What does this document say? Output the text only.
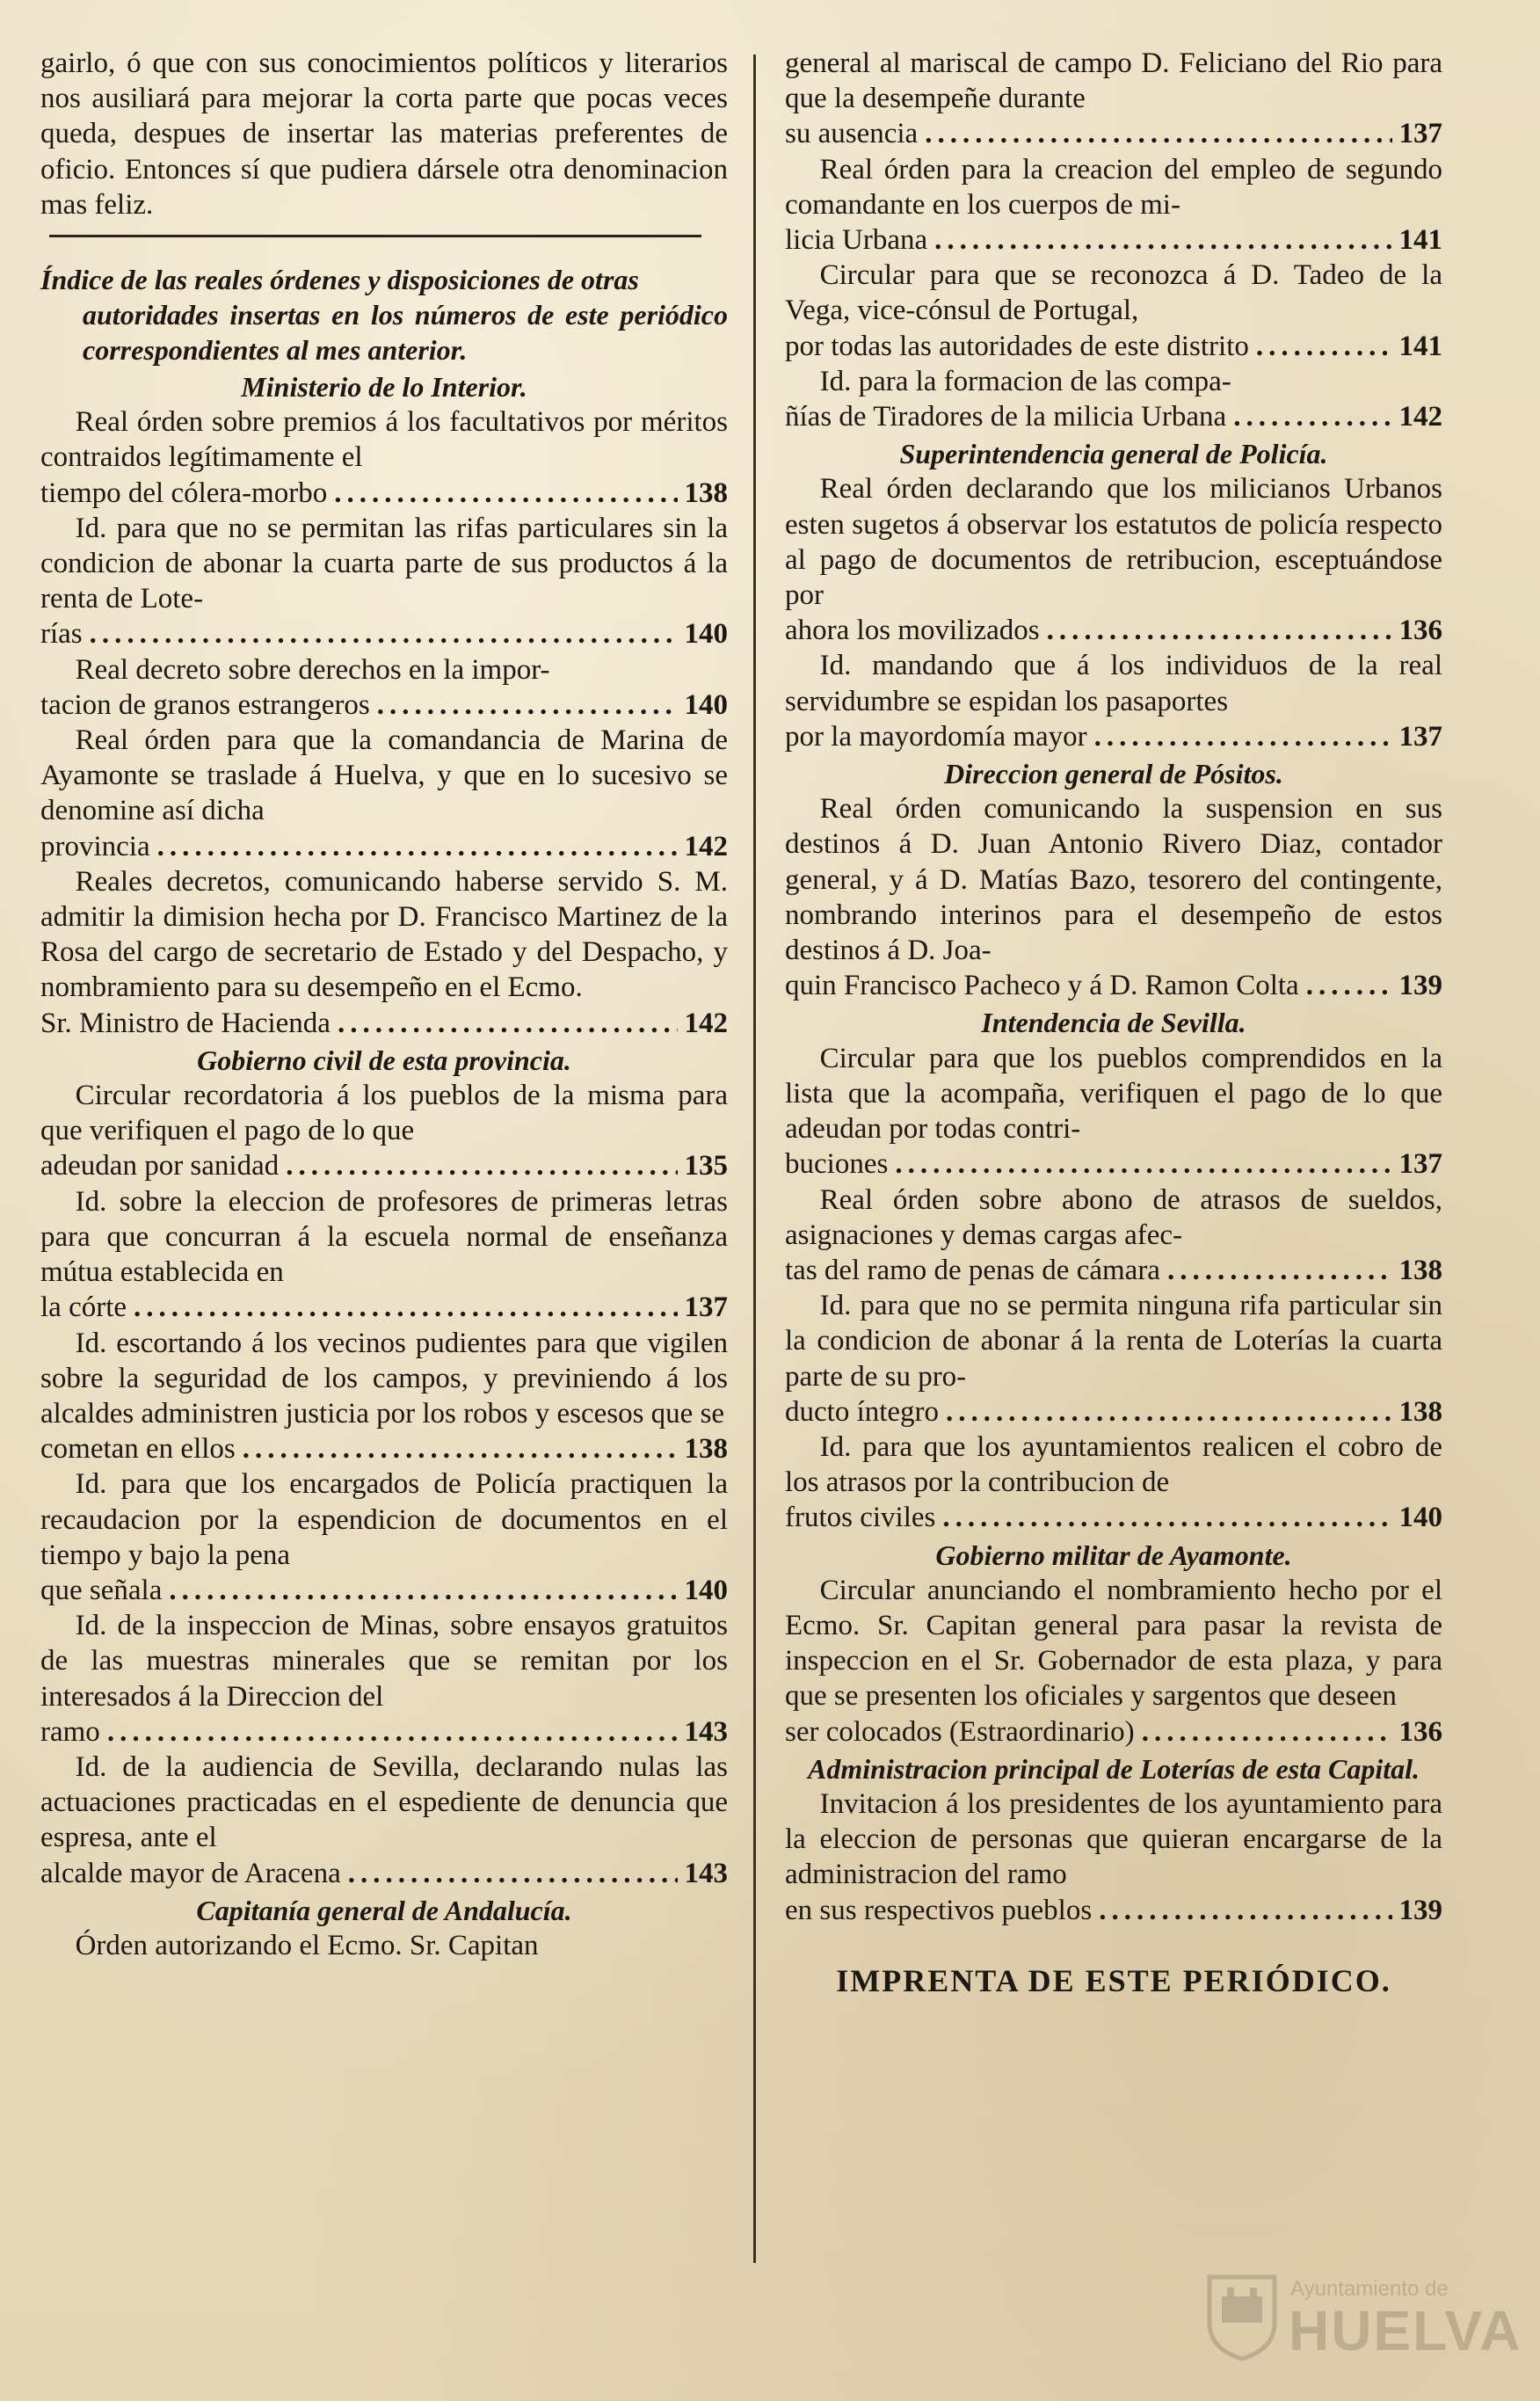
gairlo, ó que con sus conocimientos políticos y literarios nos ausiliará para mejorar la corta parte que pocas veces queda, despues de insertar las materias preferentes de oficio. Entonces sí que pudiera dársele otra denominacion mas feliz.

Índice de las reales órdenes y disposiciones de otras
autoridades insertas en los números de este periódico correspondientes al mes anterior.

Ministerio de lo Interior.

Real órden sobre premios á los facultativos por méritos contraidos legítimamente el
tiempo del cólera-morbo .....	138

Id. para que no se permitan las rifas particulares sin la condicion de abonar la cuarta parte de sus productos á la renta de Lote-
rías .....	140

Real decreto sobre derechos en la impor-
tacion de granos estrangeros .....	140

Real órden para que la comandancia de Marina de Ayamonte se traslade á Huelva, y que en lo sucesivo se denomine así dicha
provincia .....	142

Reales decretos, comunicando haberse servido S. M. admitir la dimision hecha por D. Francisco Martinez de la Rosa del cargo de secretario de Estado y del Despacho, y nombramiento para su desempeño en el Ecmo.
Sr. Ministro de Hacienda .....	142

Gobierno civil de esta provincia.

Circular recordatoria á los pueblos de la misma para que verifiquen el pago de lo que
adeudan por sanidad .....	135

Id. sobre la eleccion de profesores de primeras letras para que concurran á la escuela normal de enseñanza mútua establecida en
la córte .....	137

Id. escortando á los vecinos pudientes para que vigilen sobre la seguridad de los campos, y previniendo á los alcaldes administren justicia por los robos y escesos que se
cometan en ellos .....	138

Id. para que los encargados de Policía practiquen la recaudacion por la espendicion de documentos en el tiempo y bajo la pena
que señala .....	140

Id. de la inspeccion de Minas, sobre ensayos gratuitos de las muestras minerales que se remitan por los interesados á la Direccion del
ramo .....	143

Id. de la audiencia de Sevilla, declarando nulas las actuaciones practicadas en el espediente de denuncia que espresa, ante el
alcalde mayor de Aracena .....	143

Capitanía general de Andalucía.

Órden autorizando el Ecmo. Sr. Capitan

general al mariscal de campo D. Feliciano del Rio para que la desempeñe durante
su ausencia .....	137

Real órden para la creacion del empleo de segundo comandante en los cuerpos de mi-
licia Urbana .....	141

Circular para que se reconozca á D. Tadeo de la Vega, vice-cónsul de Portugal,
por todas las autoridades de este distrito .....	141

Id. para la formacion de las compa-
ñías de Tiradores de la milicia Urbana .....	142

Superintendencia general de Policía.

Real órden declarando que los milicianos Urbanos esten sugetos á observar los estatutos de policía respecto al pago de documentos de retribucion, esceptuándose por
ahora los movilizados .....	136

Id. mandando que á los individuos de la real servidumbre se espidan los pasaportes
por la mayordomía mayor .....	137

Direccion general de Pósitos.

Real órden comunicando la suspension en sus destinos á D. Juan Antonio Rivero Diaz, contador general, y á D. Matías Bazo, tesorero del contingente, nombrando interinos para el desempeño de estos destinos á D. Joa-
quin Francisco Pacheco y á D. Ramon Colta .....	139

Intendencia de Sevilla.

Circular para que los pueblos comprendidos en la lista que la acompaña, verifiquen el pago de lo que adeudan por todas contri-
buciones .....	137

Real órden sobre abono de atrasos de sueldos, asignaciones y demas cargas afec-
tas del ramo de penas de cámara .....	138

Id. para que no se permita ninguna rifa particular sin la condicion de abonar á la renta de Loterías la cuarta parte de su pro-
ducto íntegro .....	138

Id. para que los ayuntamientos realicen el cobro de los atrasos por la contribucion de
frutos civiles .....	140

Gobierno militar de Ayamonte.

Circular anunciando el nombramiento hecho por el Ecmo. Sr. Capitan general para pasar la revista de inspeccion en el Sr. Gobernador de esta plaza, y para que se presenten los oficiales y sargentos que deseen
ser colocados (Estraordinario) .....	136

Administracion principal de Loterías de esta Capital.

Invitacion á los presidentes de los ayuntamiento para la eleccion de personas que quieran encargarse de la administracion del ramo
en sus respectivos pueblos .....	139

IMPRENTA DE ESTE PERIÓDICO.
Ayuntamiento de
HUELVA
